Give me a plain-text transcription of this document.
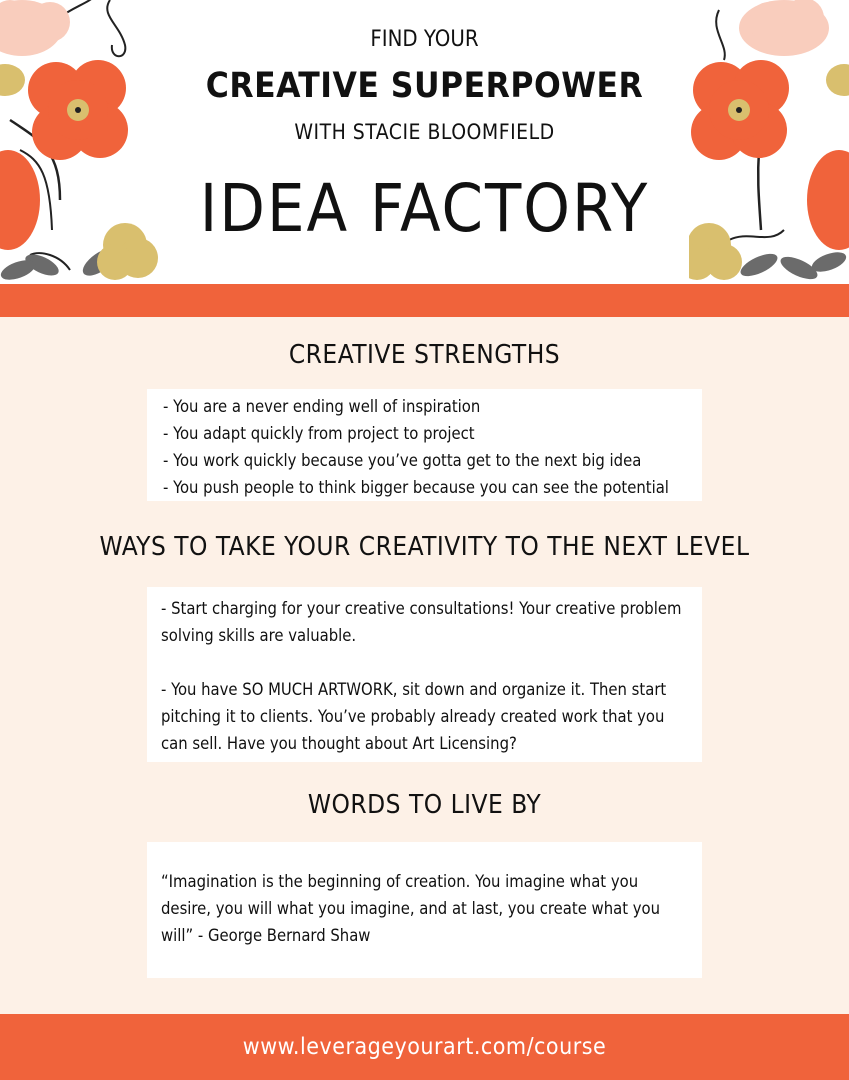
FIND YOUR
CREATIVE SUPERPOWER
WITH STACIE BLOOMFIELD
IDEA FACTORY
CREATIVE STRENGTHS
- You are a never ending well of inspiration
- You adapt quickly from project to project
- You work quickly because you’ve gotta get to the next big idea
- You push people to think bigger because you can see the potential
WAYS TO TAKE YOUR CREATIVITY TO THE NEXT LEVEL

- Start charging for your creative consultations! Your creative problem solving skills are valuable.

- You have SO MUCH ARTWORK, sit down and organize it. Then start pitching it to clients. You’ve probably already created work that you can sell. Have you thought about Art Licensing?

WORDS TO LIVE BY

“Imagination is the beginning of creation. You imagine what you desire, you will what you imagine, and at last, you create what you will” - George Bernard Shaw

www.leverageyourart.com/course
